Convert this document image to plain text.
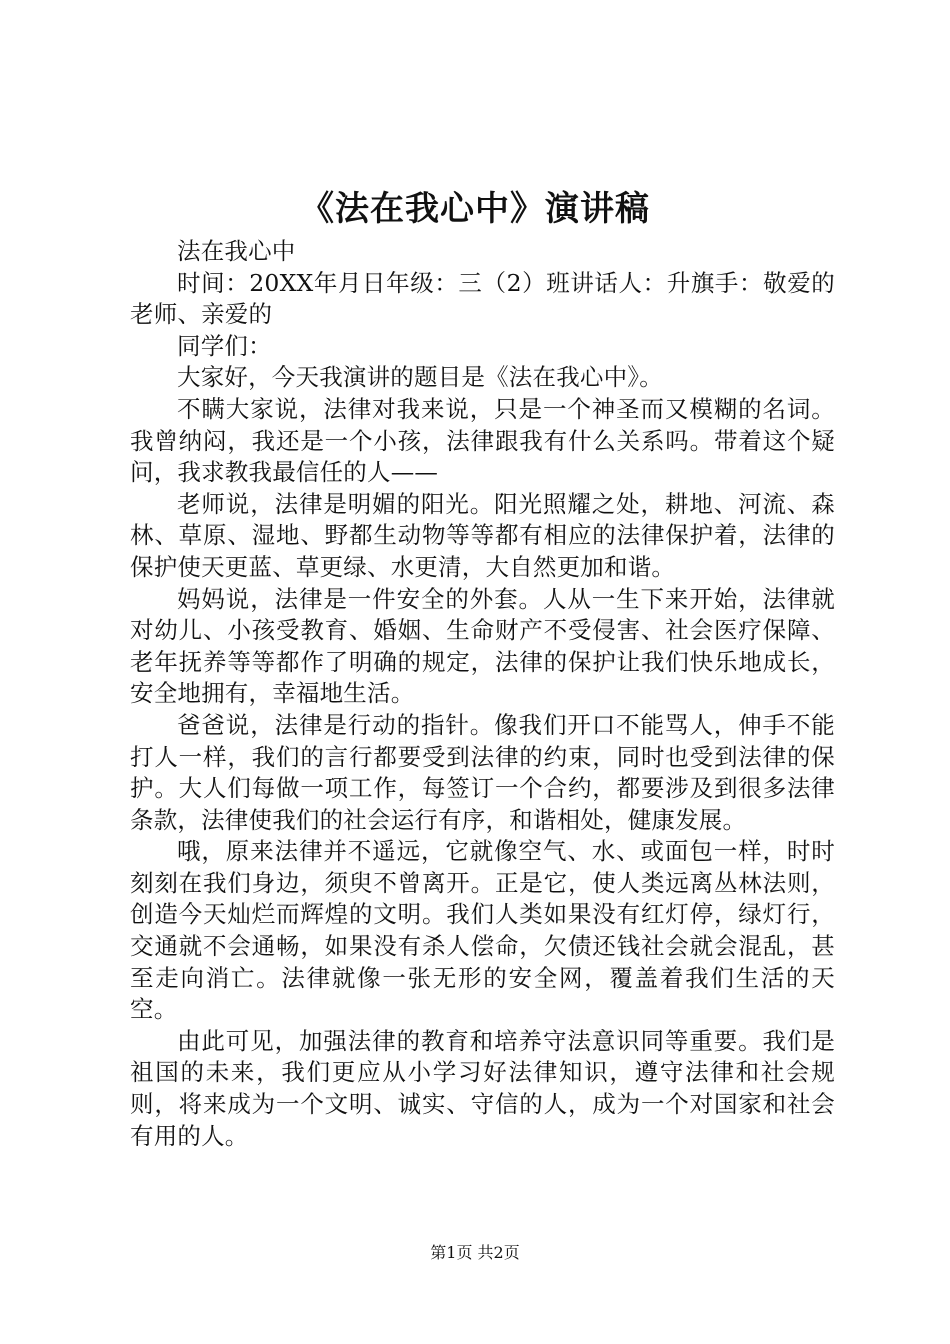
《法在我心中》演讲稿

法在我心中

时间：20XX年月日年级：三（2）班讲话人：升旗手：敬爱的老师、亲爱的

同学们：

大家好，今天我演讲的题目是《法在我心中》。

不瞒大家说，法律对我来说，只是一个神圣而又模糊的名词。我曾纳闷，我还是一个小孩，法律跟我有什么关系吗。带着这个疑问，我求教我最信任的人——

老师说，法律是明媚的阳光。阳光照耀之处，耕地、河流、森林、草原、湿地、野都生动物等等都有相应的法律保护着，法律的保护使天更蓝、草更绿、水更清，大自然更加和谐。

妈妈说，法律是一件安全的外套。人从一生下来开始，法律就对幼儿、小孩受教育、婚姻、生命财产不受侵害、社会医疗保障、老年抚养等等都作了明确的规定，法律的保护让我们快乐地成长，安全地拥有，幸福地生活。

爸爸说，法律是行动的指针。像我们开口不能骂人，伸手不能打人一样，我们的言行都要受到法律的约束，同时也受到法律的保护。大人们每做一项工作，每签订一个合约，都要涉及到很多法律条款，法律使我们的社会运行有序，和谐相处，健康发展。

哦，原来法律并不遥远，它就像空气、水、或面包一样，时时刻刻在我们身边，须臾不曾离开。正是它，使人类远离丛林法则，创造今天灿烂而辉煌的文明。我们人类如果没有红灯停，绿灯行，交通就不会通畅，如果没有杀人偿命，欠债还钱社会就会混乱，甚至走向消亡。法律就像一张无形的安全网，覆盖着我们生活的天空。

由此可见，加强法律的教育和培养守法意识同等重要。我们是祖国的未来，我们更应从小学习好法律知识，遵守法律和社会规则，将来成为一个文明、诚实、守信的人，成为一个对国家和社会有用的人。

第1页 共2页
